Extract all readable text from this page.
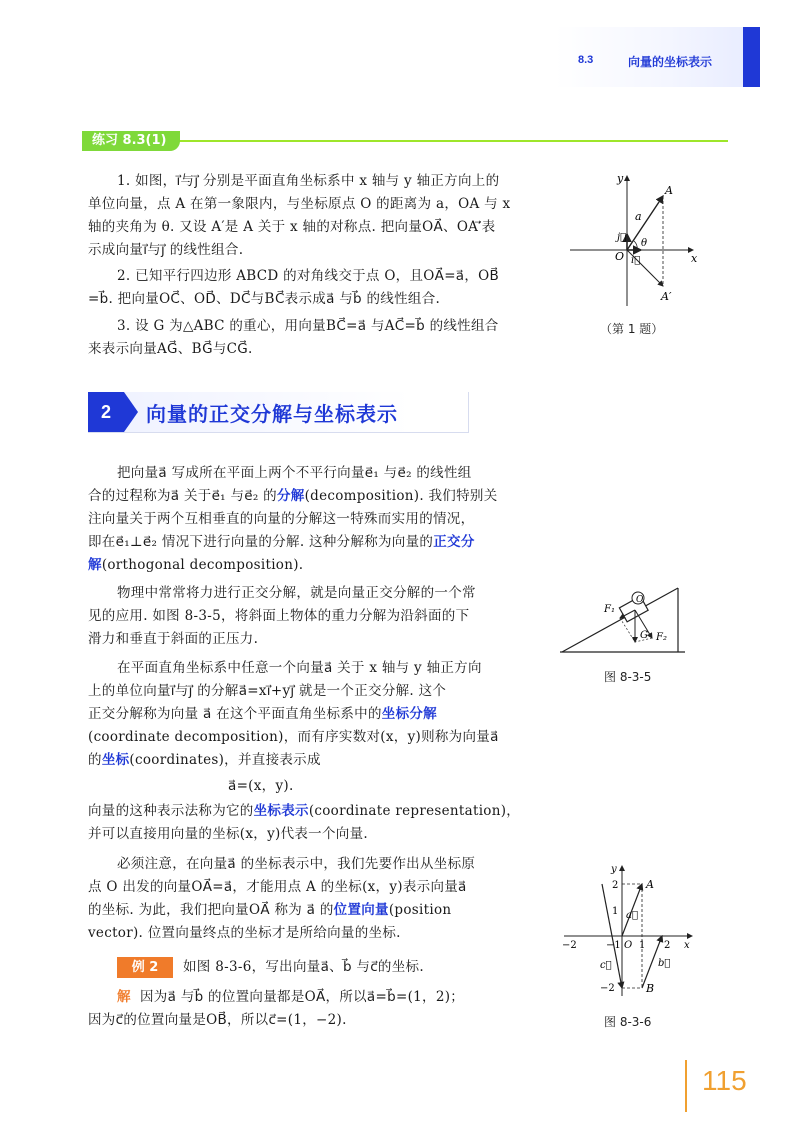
8.3	向量的坐标表示
练习 8.3(1)
1. 如图，i⃗与j⃗ 分别是平面直角坐标系中 x 轴与 y 轴正方向上的
单位向量，点 A 在第一象限内，与坐标原点 O 的距离为 a，OA 与 x
轴的夹角为 θ. 又设 A′是 A 关于 x 轴的对称点. 把向量OA⃗、OA′⃗表
示成向量i⃗与j⃗ 的线性组合.
2. 已知平行四边形 ABCD 的对角线交于点 O，且OA⃗=a⃗，OB⃗
=b⃗. 把向量OC⃗、OD⃗、DC⃗与BC⃗表示成a⃗ 与b⃗ 的线性组合.
3. 设 G 为△ABC 的重心，用向量BC⃗=a⃗ 与AC⃗=b⃗ 的线性组合
来表示向量AG⃗、BG⃗与CG⃗.
y
x
A
A′
O
a
θ
i⃗
j⃗
（第 1 题）
2	向量的正交分解与坐标表示
把向量a⃗ 写成所在平面上两个不平行向量e⃗₁ 与e⃗₂ 的线性组
合的过程称为a⃗ 关于e⃗₁ 与e⃗₂ 的分解(decomposition). 我们特别关
注向量关于两个互相垂直的向量的分解这一特殊而实用的情况，
即在e⃗₁⊥e⃗₂ 情况下进行向量的分解. 这种分解称为向量的正交分
解(orthogonal decomposition).
物理中常常将力进行正交分解，就是向量正交分解的一个常
见的应用. 如图 8-3-5，将斜面上物体的重力分解为沿斜面的下
滑力和垂直于斜面的正压力.
F₁
O
G F₂
图 8-3-5
在平面直角坐标系中任意一个向量a⃗ 关于 x 轴与 y 轴正方向
上的单位向量i⃗与j⃗ 的分解a⃗=xi⃗+yj⃗ 就是一个正交分解. 这个
正交分解称为向量 a⃗ 在这个平面直角坐标系中的坐标分解
(coordinate decomposition)，而有序实数对(x，y)则称为向量a⃗
的坐标(coordinates)，并直接表示成
a⃗=(x，y).
向量的这种表示法称为它的坐标表示(coordinate representation)，
并可以直接用向量的坐标(x，y)代表一个向量.
必须注意，在向量a⃗ 的坐标表示中，我们先要作出从坐标原
点 O 出发的向量OA⃗=a⃗，才能用点 A 的坐标(x，y)表示向量a⃗
的坐标. 为此，我们把向量OA⃗ 称为 a⃗ 的位置向量(position
vector). 位置向量终点的坐标才是所给向量的坐标.
例 2	如图 8-3-6，写出向量a⃗、b⃗ 与c⃗的坐标.
解 因为a⃗ 与b⃗ 的位置向量都是OA⃗，所以a⃗=b⃗=(1，2)；
因为c⃗的位置向量是OB⃗，所以c⃗=(1，−2).
y
x
A
B
O
a⃗
b⃗
c⃗
2
1
−1
−2
1 2
−2
图 8-3-6
115
